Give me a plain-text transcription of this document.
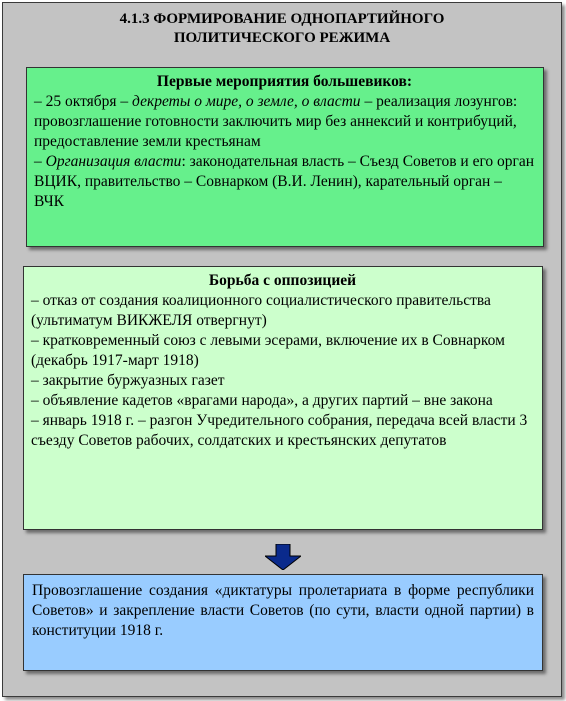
4.1.3 ФОРМИРОВАНИЕ ОДНОПАРТИЙНОГО
ПОЛИТИЧЕСКОГО РЕЖИМА
Первые мероприятия большевиков:
– 25 октября – декреты о мире, о земле, о власти – реализация лозунгов: провозглашение готовности заключить мир без аннексий и контрибуций, предоставление земли крестьянам
– Организация власти: законодательная власть – Съезд Советов и его орган ВЦИК, правительство – Совнарком (В.И. Ленин), карательный орган – ВЧК
Борьба с оппозицией
– отказ от создания коалиционного социалистического правительства (ультиматум ВИКЖЕЛЯ отвергнут)
– кратковременный союз с левыми эсерами, включение их в Совнарком (декабрь 1917-март 1918)
– закрытие буржуазных газет
– объявление кадетов «врагами народа», а других партий – вне закона
– январь 1918 г. – разгон Учредительного собрания, передача всей власти 3 съезду Советов рабочих, солдатских и крестьянских депутатов
Провозглашение создания «диктатуры пролетариата в форме республики Советов» и закрепление власти Советов (по сути, власти одной партии) в конституции 1918 г.
